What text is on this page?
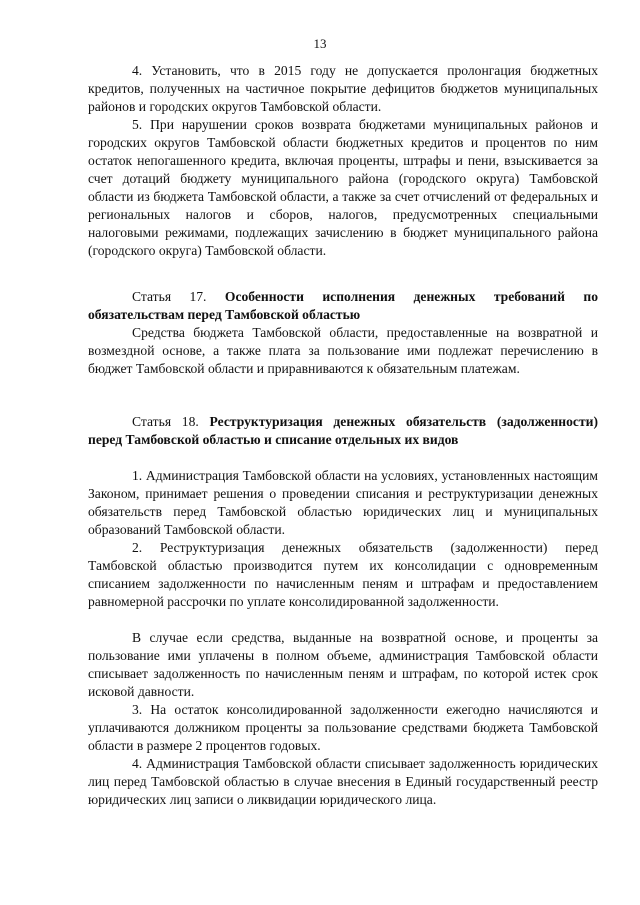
13

4. Установить, что в 2015 году не допускается пролонгация бюджетных кредитов, полученных на частичное покрытие дефицитов бюджетов муниципальных районов и городских округов Тамбовской области.

5. При нарушении сроков возврата бюджетами муниципальных районов и городских округов Тамбовской области бюджетных кредитов и процентов по ним остаток непогашенного кредита, включая проценты, штрафы и пени, взыскивается за счет дотаций бюджету муниципального района (городского округа) Тамбовской области из бюджета Тамбовской области, а также за счет отчислений от федеральных и региональных налогов и сборов, налогов, предусмотренных специальными налоговыми режимами, подлежащих зачислению в бюджет муниципального района (городского округа) Тамбовской области.

Статья 17. Особенности исполнения денежных требований по обязательствам перед Тамбовской областью

Средства бюджета Тамбовской области, предоставленные на возвратной и возмездной основе, а также плата за пользование ими подлежат перечислению в бюджет Тамбовской области и приравниваются к обязательным платежам.

Статья 18. Реструктуризация денежных обязательств (задолженности) перед Тамбовской областью и списание отдельных их видов

1. Администрация Тамбовской области на условиях, установленных настоящим Законом, принимает решения о проведении списания и реструктуризации денежных обязательств перед Тамбовской областью юридических лиц и муниципальных образований Тамбовской области.

2. Реструктуризация денежных обязательств (задолженности) перед Тамбовской областью производится путем их консолидации с одновременным списанием задолженности по начисленным пеням и штрафам и предоставлением равномерной рассрочки по уплате консолидированной задолженности.

В случае если средства, выданные на возвратной основе, и проценты за пользование ими уплачены в полном объеме, администрация Тамбовской области списывает задолженность по начисленным пеням и штрафам, по которой истек срок исковой давности.

3. На остаток консолидированной задолженности ежегодно начисляются и уплачиваются должником проценты за пользование средствами бюджета Тамбовской области в размере 2 процентов годовых.

4. Администрация Тамбовской области списывает задолженность юридических лиц перед Тамбовской областью в случае внесения в Единый государственный реестр юридических лиц записи о ликвидации юридического лица.
